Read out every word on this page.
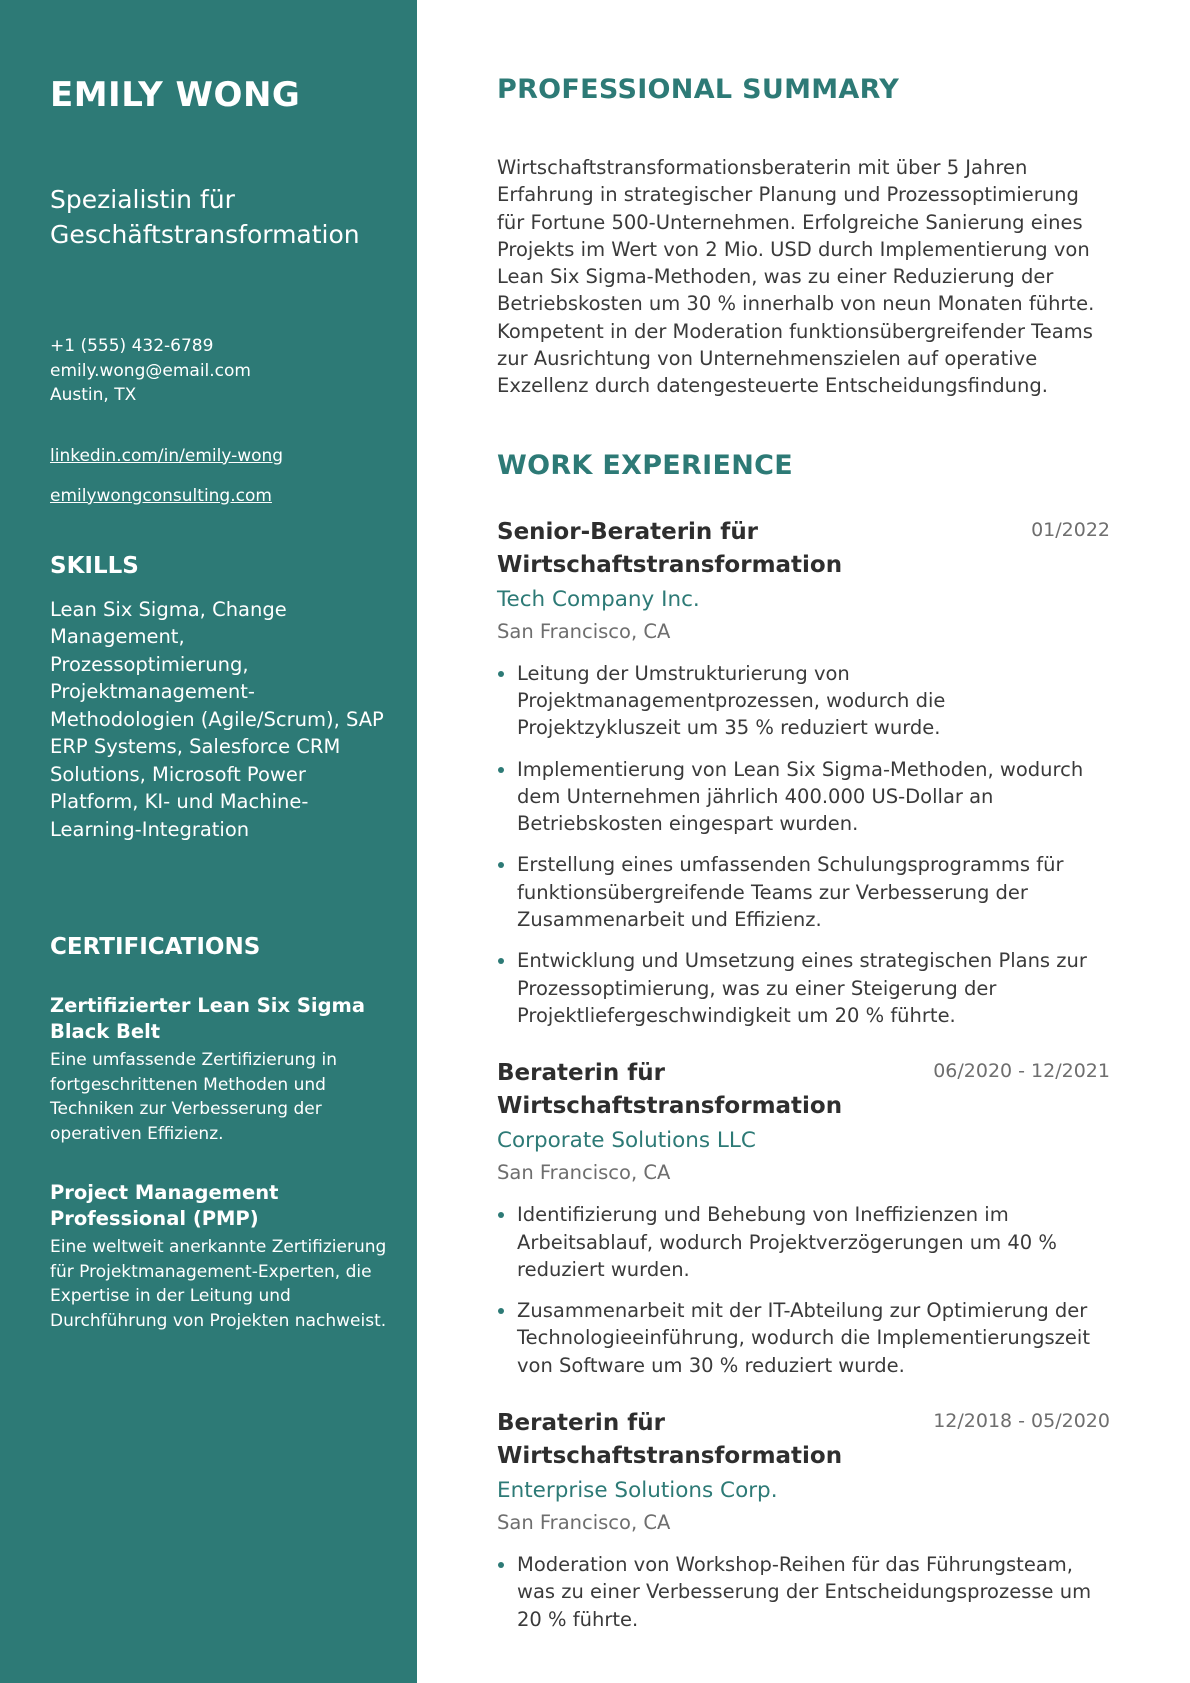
EMILY WONG
Spezialistin für
Geschäftstransformation
+1 (555) 432-6789
emily.wong@email.com
Austin, TX
linkedin.com/in/emily-wong
emilywongconsulting.com
SKILLS
Lean Six Sigma, Change Management, Prozessoptimierung, Projektmanagement-Methodologien (Agile/Scrum), SAP ERP Systems, Salesforce CRM Solutions, Microsoft Power Platform, KI- und Machine-Learning-Integration
CERTIFICATIONS
Zertifizierter Lean Six Sigma Black Belt
Eine umfassende Zertifizierung in fortgeschrittenen Methoden und Techniken zur Verbesserung der operativen Effizienz.
Project Management Professional (PMP)
Eine weltweit anerkannte Zertifizierung für Projektmanagement-Experten, die Expertise in der Leitung und Durchführung von Projekten nachweist.
PROFESSIONAL SUMMARY

Wirtschaftstransformationsberaterin mit über 5 Jahren Erfahrung in strategischer Planung und Prozessoptimierung für Fortune 500-Unternehmen. Erfolgreiche Sanierung eines Projekts im Wert von 2 Mio. USD durch Implementierung von Lean Six Sigma-Methoden, was zu einer Reduzierung der Betriebskosten um 30 % innerhalb von neun Monaten führte. Kompetent in der Moderation funktionsübergreifender Teams zur Ausrichtung von Unternehmenszielen auf operative Exzellenz durch datengesteuerte Entscheidungsfindung.

WORK EXPERIENCE
Senior-Beraterin für Wirtschaftstransformation
01/2022
Tech Company Inc.
San Francisco, CA
Leitung der Umstrukturierung von Projektmanagementprozessen, wodurch die Projektzykluszeit um 35 % reduziert wurde.
Implementierung von Lean Six Sigma-Methoden, wodurch dem Unternehmen jährlich 400.000 US-Dollar an Betriebskosten eingespart wurden.
Erstellung eines umfassenden Schulungsprogramms für funktionsübergreifende Teams zur Verbesserung der Zusammenarbeit und Effizienz.
Entwicklung und Umsetzung eines strategischen Plans zur Prozessoptimierung, was zu einer Steigerung der Projektliefergeschwindigkeit um 20 % führte.
Beraterin für Wirtschaftstransformation
06/2020 - 12/2021
Corporate Solutions LLC
San Francisco, CA
Identifizierung und Behebung von Ineffizienzen im Arbeitsablauf, wodurch Projektverzögerungen um 40 % reduziert wurden.
Zusammenarbeit mit der IT-Abteilung zur Optimierung der Technologieeinführung, wodurch die Implementierungszeit von Software um 30 % reduziert wurde.
Beraterin für Wirtschaftstransformation
12/2018 - 05/2020
Enterprise Solutions Corp.
San Francisco, CA
Moderation von Workshop-Reihen für das Führungsteam, was zu einer Verbesserung der Entscheidungsprozesse um 20 % führte.
